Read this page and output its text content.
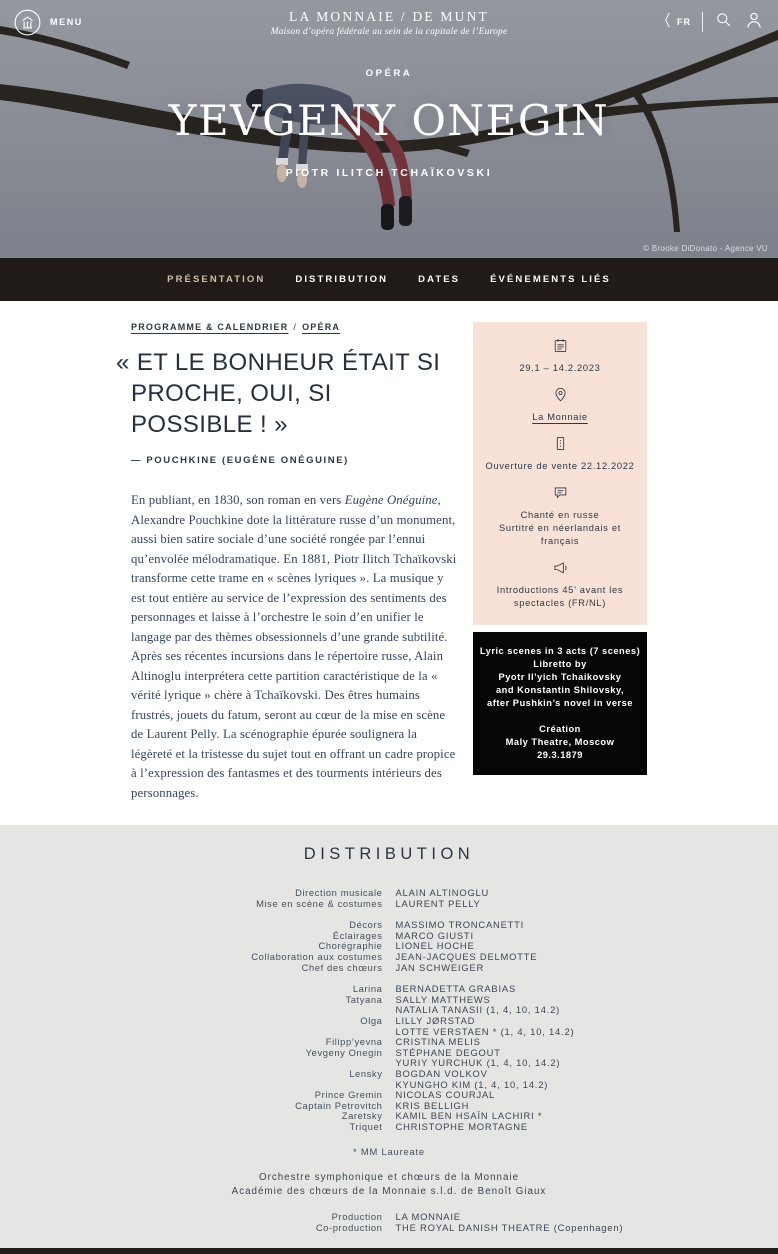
MENU	FR
LA MONNAIE / DE MUNT
Maison d’opéra fédérale au sein de la capitale de l’Europe
OPÉRA
YEVGENY ONEGIN
PIOTR ILITCH TCHAÏKOVSKI
© Brooke DiDonato - Agence VU
PRÉSENTATION	DISTRIBUTION	DATES	ÉVÉNEMENTS LIÉS
PROGRAMME & CALENDRIER / OPÉRA
« ET LE BONHEUR ÉTAIT SI PROCHE, OUI, SI POSSIBLE ! »
— POUCHKINE (EUGÈNE ONÉGUINE)

En publiant, en 1830, son roman en vers Eugène Onéguine, Alexandre Pouchkine dote la littérature russe d’un monument, aussi bien satire sociale d’une société rongée par l’ennui qu’envolée mélodramatique. En 1881, Piotr Ilitch Tchaïkovski transforme cette trame en « scènes lyriques ». La musique y est tout entière au service de l’expression des sentiments des personnages et laisse à l’orchestre le soin d’en unifier le langage par des thèmes obsessionnels d’une grande subtilité. Après ses récentes incursions dans le répertoire russe, Alain Altinoglu interprétera cette partition caractéristique de la « vérité lyrique » chère à Tchaïkovski. Des êtres humains frustrés, jouets du fatum, seront au cœur de la mise en scène de Laurent Pelly. La scénographie épurée soulignera la légèreté et la tristesse du sujet tout en offrant un cadre propice à l’expression des fantasmes et des tourments intérieurs des personnages.

29.1 – 14.2.2023
La Monnaie
Ouverture de vente 22.12.2022
Chanté en russe
Surtitré en néerlandais et
français
Introductions 45’ avant les
spectacles (FR/NL)
Lyric scenes in 3 acts (7 scenes)
Libretto by
Pyotr Il’yich Tchaikovsky
and Konstantin Shilovsky,
after Pushkin’s novel in verse
Création
Maly Theatre, Moscow
29.3.1879
DISTRIBUTION
Direction musicale ALAIN ALTINOGLU
Mise en scène & costumes LAURENT PELLY
Décors MASSIMO TRONCANETTI
Éclairages MARCO GIUSTI
Chorégraphie LIONEL HOCHE
Collaboration aux costumes JEAN-JACQUES DELMOTTE
Chef des chœurs JAN SCHWEIGER
Larina BERNADETTA GRABIAS
Tatyana SALLY MATTHEWS
NATALIA TANASII (1, 4, 10, 14.2)
Olga LILLY JØRSTAD
LOTTE VERSTAEN * (1, 4, 10, 14.2)
Filipp’yevna CRISTINA MELIS
Yevgeny Onegin STÉPHANE DEGOUT
YURIY YURCHUK (1, 4, 10, 14.2)
Lensky BOGDAN VOLKOV
KYUNGHO KIM (1, 4, 10, 14.2)
Prince Gremin NICOLAS COURJAL
Captain Petrovitch KRIS BELLIGH
Zaretsky KAMIL BEN HSAÏN LACHIRI *
Triquet CHRISTOPHE MORTAGNE
* MM Laureate
Orchestre symphonique et chœurs de la Monnaie
Académie des chœurs de la Monnaie s.l.d. de Benoît Giaux
Production LA MONNAIE
Co-production THE ROYAL DANISH THEATRE (Copenhagen)
